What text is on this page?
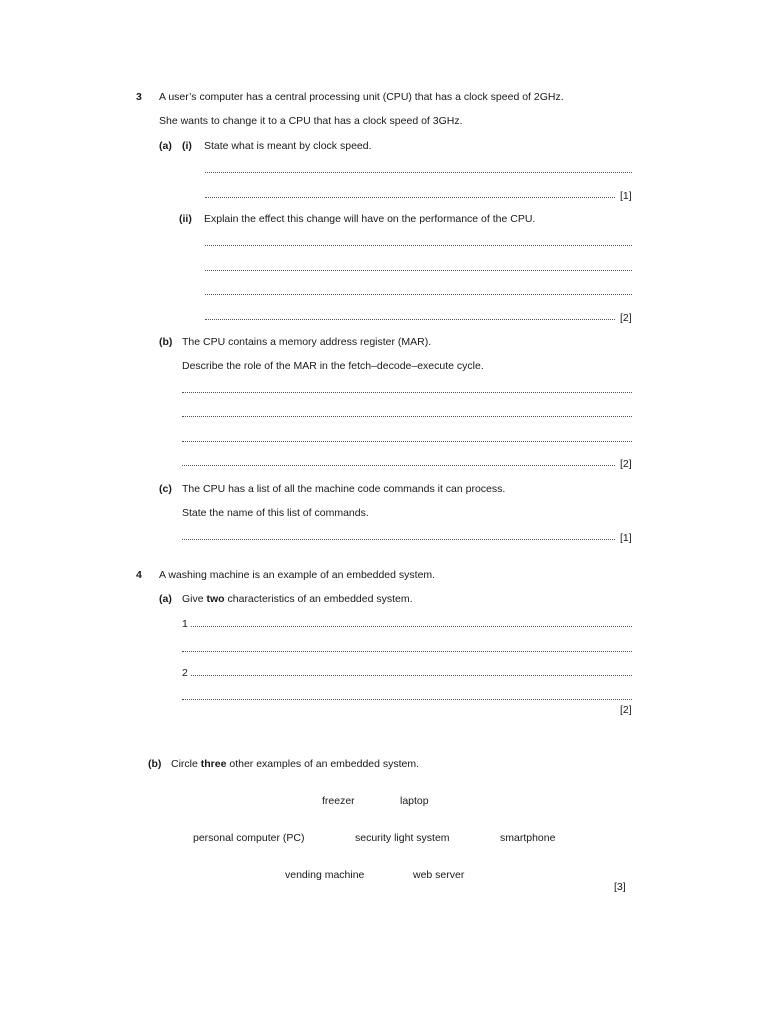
3 A user’s computer has a central processing unit (CPU) that has a clock speed of 2GHz.
She wants to change it to a CPU that has a clock speed of 3GHz.
(a) (i) State what is meant by clock speed.
[1]
(ii) Explain the effect this change will have on the performance of the CPU.
[2]
(b) The CPU contains a memory address register (MAR).
Describe the role of the MAR in the fetch–decode–execute cycle.
[2]
(c) The CPU has a list of all the machine code commands it can process.
State the name of this list of commands.
[1]
4 A washing machine is an example of an embedded system.
(a) Give two characteristics of an embedded system.
1
2
[2]
(b) Circle three other examples of an embedded system.
freezer	laptop
personal computer (PC)	security light system	smartphone
vending machine	web server
[3]
